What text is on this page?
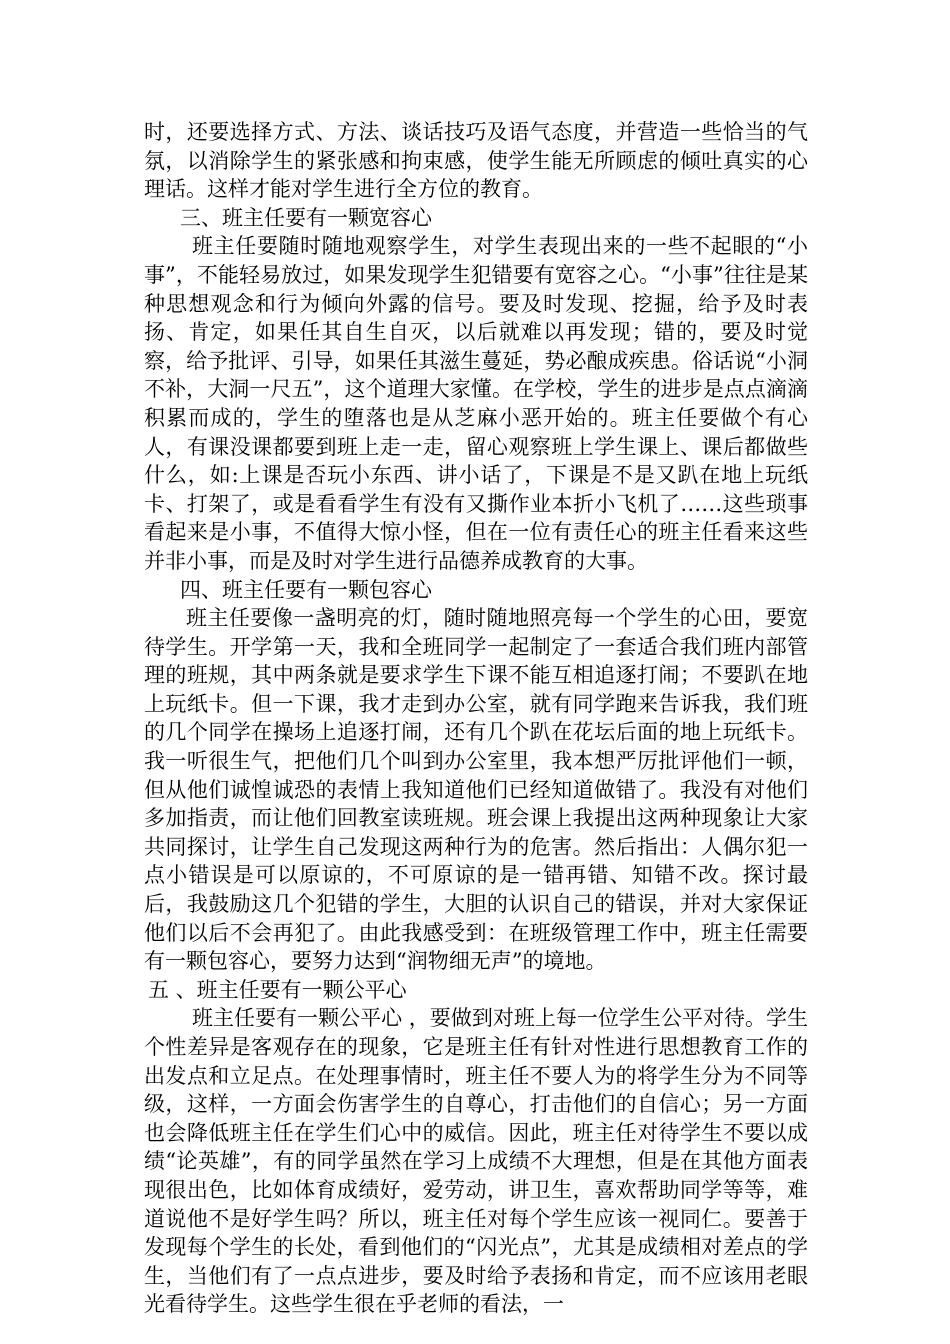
时，还要选择方式、方法、谈话技巧及语气态度，并营造一些恰当的气氛，以消除学生的紧张感和拘束感，使学生能无所顾虑的倾吐真实的心理话。这样才能对学生进行全方位的教育。

三、班主任要有一颗宽容心

班主任要随时随地观察学生，对学生表现出来的一些不起眼的“小事”，不能轻易放过，如果发现学生犯错要有宽容之心。“小事”往往是某种思想观念和行为倾向外露的信号。要及时发现、挖掘，给予及时表扬、肯定，如果任其自生自灭，以后就难以再发现；错的，要及时觉察，给予批评、引导，如果任其滋生蔓延，势必酿成疾患。俗话说“小洞不补，大洞一尺五”，这个道理大家懂。在学校，学生的进步是点点滴滴积累而成的，学生的堕落也是从芝麻小恶开始的。班主任要做个有心人，有课没课都要到班上走一走，留心观察班上学生课上、课后都做些什么，如:上课是否玩小东西、讲小话了，下课是不是又趴在地上玩纸卡、打架了，或是看看学生有没有又撕作业本折小飞机了……这些琐事看起来是小事，不值得大惊小怪，但在一位有责任心的班主任看来这些并非小事，而是及时对学生进行品德养成教育的大事。

四、班主任要有一颗包容心

班主任要像一盏明亮的灯，随时随地照亮每一个学生的心田，要宽待学生。开学第一天，我和全班同学一起制定了一套适合我们班内部管理的班规，其中两条就是要求学生下课不能互相追逐打闹；不要趴在地上玩纸卡。但一下课，我才走到办公室，就有同学跑来告诉我，我们班的几个同学在操场上追逐打闹，还有几个趴在花坛后面的地上玩纸卡。我一听很生气，把他们几个叫到办公室里，我本想严厉批评他们一顿，但从他们诚惶诚恐的表情上我知道他们已经知道做错了。我没有对他们多加指责，而让他们回教室读班规。班会课上我提出这两种现象让大家共同探讨，让学生自己发现这两种行为的危害。然后指出：人偶尔犯一点小错误是可以原谅的，不可原谅的是一错再错、知错不改。探讨最后，我鼓励这几个犯错的学生，大胆的认识自己的错误，并对大家保证他们以后不会再犯了。由此我感受到：在班级管理工作中，班主任需要有一颗包容心，要努力达到“润物细无声”的境地。

五 、班主任要有一颗公平心

班主任要有一颗公平心 ，要做到对班上每一位学生公平对待。学生个性差异是客观存在的现象，它是班主任有针对性进行思想教育工作的出发点和立足点。在处理事情时，班主任不要人为的将学生分为不同等级，这样，一方面会伤害学生的自尊心，打击他们的自信心；另一方面也会降低班主任在学生们心中的威信。因此，班主任对待学生不要以成绩“论英雄”，有的同学虽然在学习上成绩不大理想，但是在其他方面表现很出色，比如体育成绩好，爱劳动，讲卫生，喜欢帮助同学等等，难道说他不是好学生吗？所以，班主任对每个学生应该一视同仁。要善于发现每个学生的长处，看到他们的“闪光点”，尤其是成绩相对差点的学生，当他们有了一点点进步，要及时给予表扬和肯定，而不应该用老眼光看待学生。这些学生很在乎老师的看法，一
